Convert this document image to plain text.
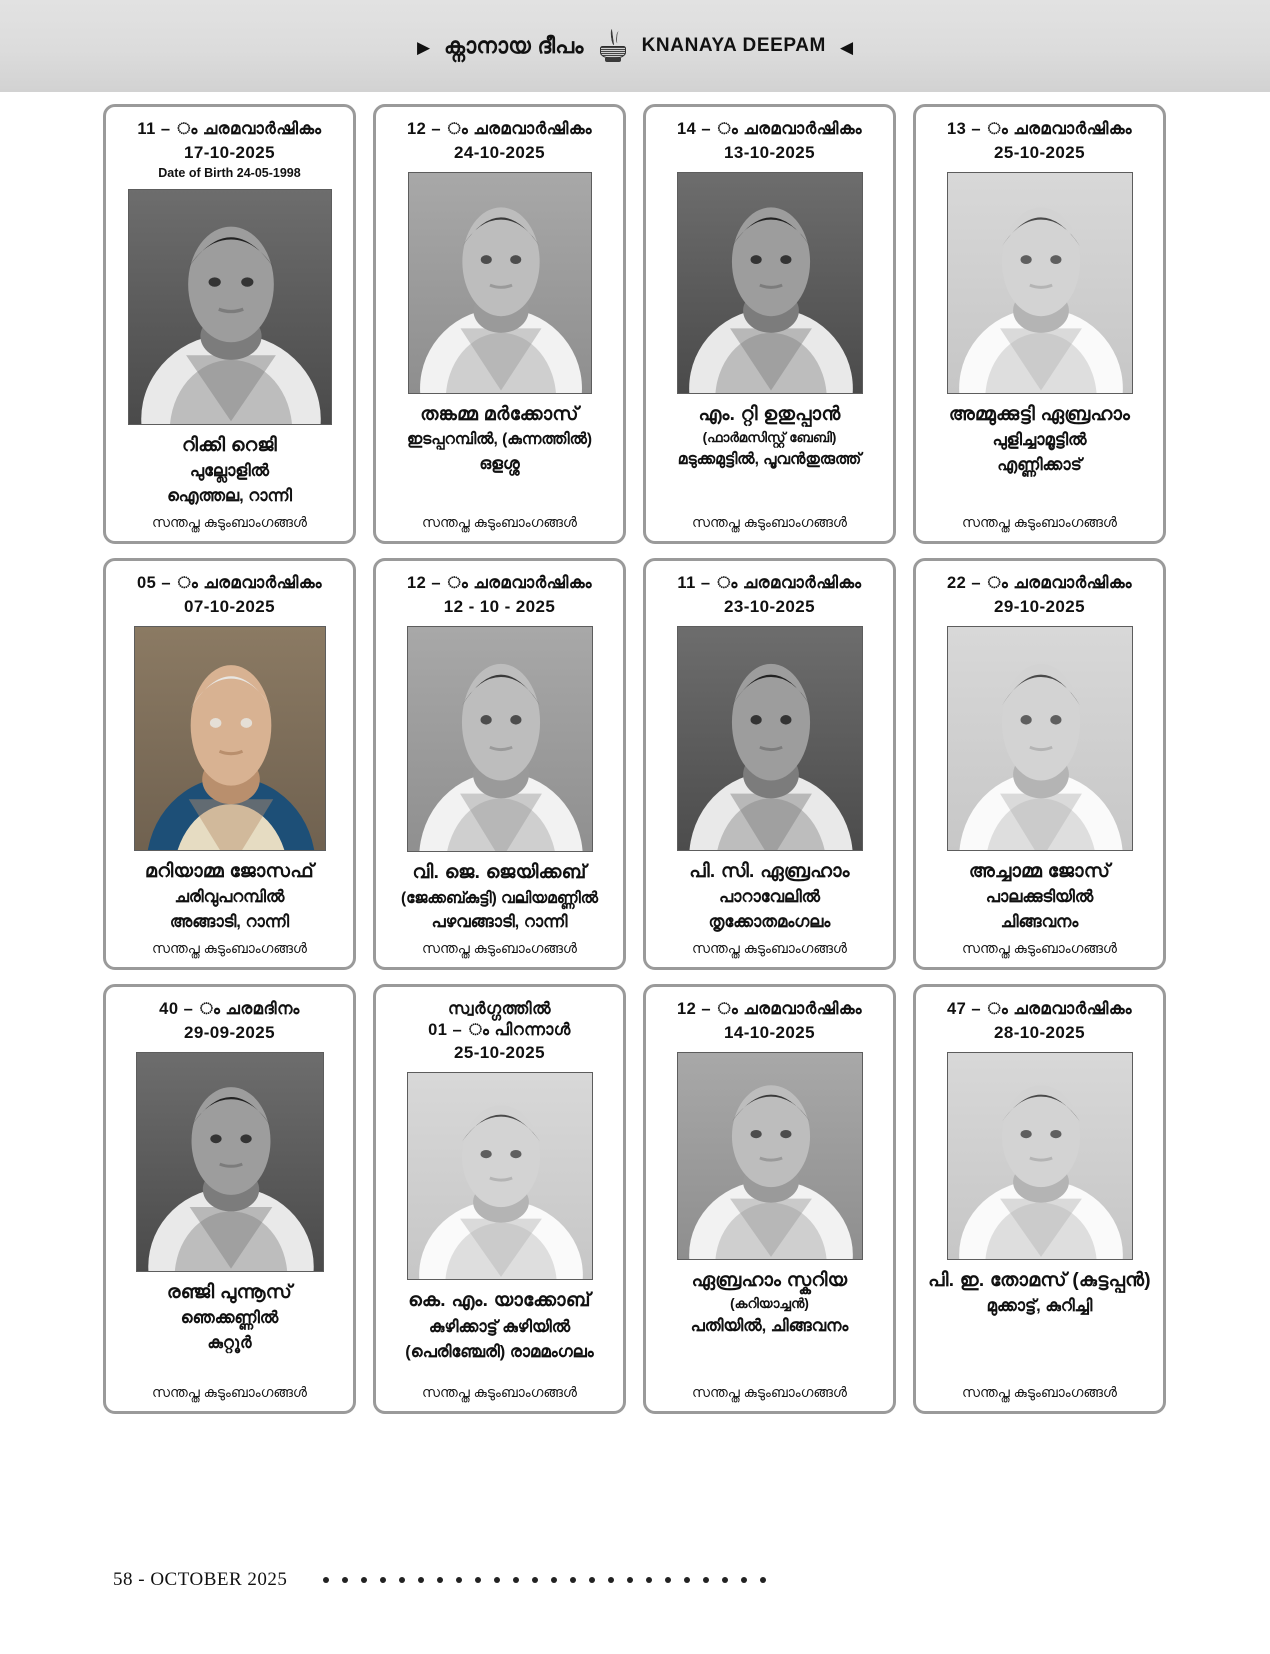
▶ ക്നാനായ ദീപം	KNANAYA DEEPAM ◀
11 – ം ചരമവാർഷികം
17-10-2025
Date of Birth 24-05-1998
റിക്കി റെജി
പുല്ലോളിൽ
ഐത്തല, റാന്നി
സന്തപ്ത കുടുംബാംഗങ്ങൾ
12 – ം ചരമവാർഷികം
24-10-2025
തങ്കമ്മ മർക്കോസ്
ഇടപ്പറമ്പിൽ, (കുന്നത്തിൽ)
ഒളശ്ശ
സന്തപ്ത കുടുംബാംഗങ്ങൾ
14 – ം ചരമവാർഷികം
13-10-2025
എം. റ്റി ഉതുപ്പാൻ
(ഫാർമസിസ്റ്റ് ബേബി)
മടുക്കമുട്ടിൽ, പൂവൻതുരുത്ത്
സന്തപ്ത കുടുംബാംഗങ്ങൾ
13 – ം ചരമവാർഷികം
25-10-2025
അമ്മുക്കുട്ടി ഏബ്രഹാം
പുളിച്ചാമൂട്ടിൽ
എണ്ണിക്കാട്
സന്തപ്ത കുടുംബാംഗങ്ങൾ
05 – ം ചരമവാർഷികം
07-10-2025
മറിയാമ്മ ജോസഫ്
ചരിവുപറമ്പിൽ
അങ്ങാടി, റാന്നി
സന്തപ്ത കുടുംബാംഗങ്ങൾ
12 – ം ചരമവാർഷികം
12 - 10 - 2025
വി. ജെ. ജെയിക്കബ്
(ജേക്കബ്കുട്ടി) വലിയമണ്ണിൽ
പഴവങ്ങാടി, റാന്നി
സന്തപ്ത കുടുംബാംഗങ്ങൾ
11 – ം ചരമവാർഷികം
23-10-2025
പി. സി. ഏബ്രഹാം
പാറാവേലിൽ
തൃക്കോതമംഗലം
സന്തപ്ത കുടുംബാംഗങ്ങൾ
22 – ം ചരമവാർഷികം
29-10-2025
അച്ചാമ്മ ജോസ്
പാലക്കുടിയിൽ
ചിങ്ങവനം
സന്തപ്ത കുടുംബാംഗങ്ങൾ
40 – ം ചരമദിനം
29-09-2025
രഞ്ജി പുന്നൂസ്
ഞെക്കണ്ണിൽ
കുറ്റൂർ
സന്തപ്ത കുടുംബാംഗങ്ങൾ
സ്വർഗ്ഗത്തിൽ
01 – ം പിറന്നാൾ
25-10-2025
കെ. എം. യാക്കോബ്
കുഴിക്കാട്ട് കുഴിയിൽ
(പെരിഞ്ചേരി) രാമമംഗലം
സന്തപ്ത കുടുംബാംഗങ്ങൾ
12 – ം ചരമവാർഷികം
14-10-2025
ഏബ്രഹാം സ്കറിയ
(കറിയാച്ചൻ)
പതിയിൽ, ചിങ്ങവനം
സന്തപ്ത കുടുംബാംഗങ്ങൾ
47 – ം ചരമവാർഷികം
28-10-2025
പി. ഇ. തോമസ് (കുട്ടപ്പൻ)
മുക്കാട്ട്, കുറിച്ചി
സന്തപ്ത കുടുംബാംഗങ്ങൾ
58 - OCTOBER 2025
